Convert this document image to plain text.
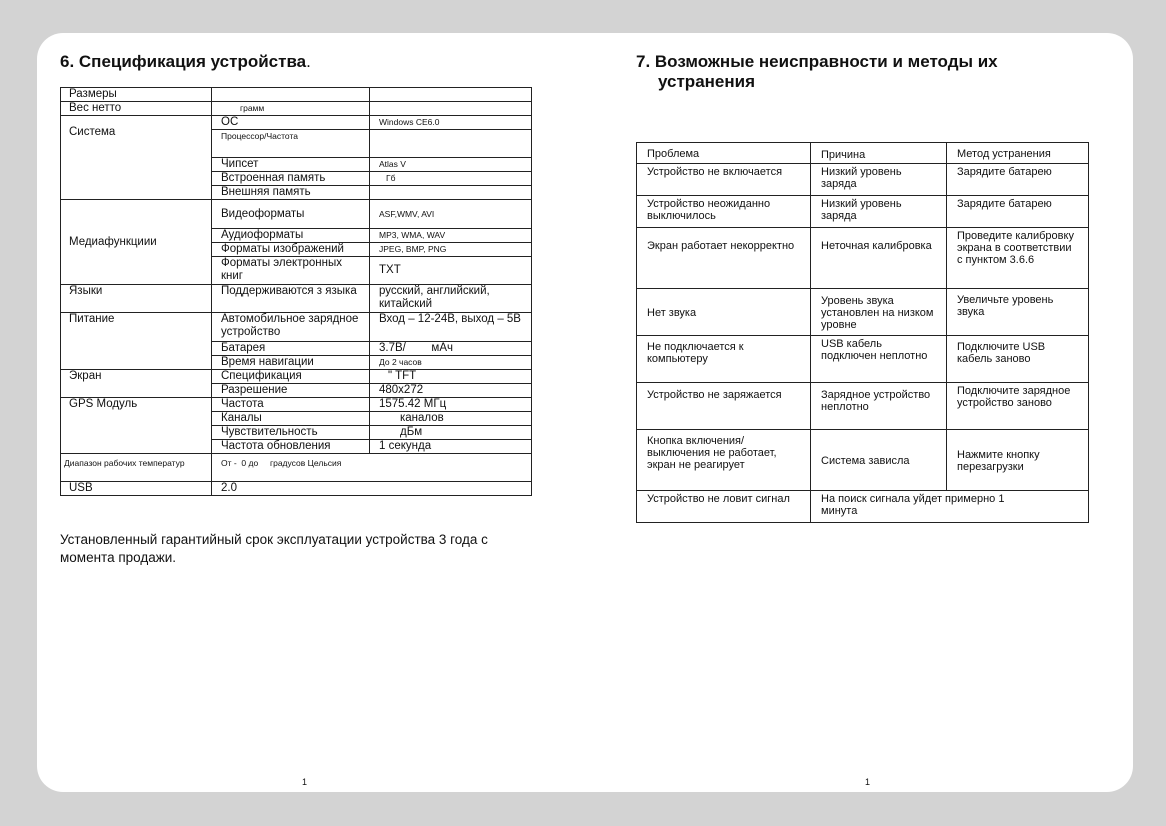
6. Спецификация устройства.
Размеры		
Вес нетто	грамм	
Система	ОС	Windows CE6.0
	Процессор/Частота	
	Чипсет	Atlas V
	Встроенная память	Гб
	Внешняя память	
Медиафункциии	Видеоформаты	ASF,WMV, AVI
	Аудиоформаты	MP3, WMA, WAV
	Форматы изображений	JPEG, BMP, PNG
	Форматы электронных книг	TXT
Языки	Поддерживаются з языка	русский, английский, китайский
Питание	Автомобильное зарядное устройство	Вход – 12-24В, выход – 5В
	Батарея	3.7В/        мАч
	Время навигации	До 2 часов
Экран	Спецификация	" TFT
	Разрешение	480x272
GPS Модуль	Частота	1575.42 МГц
	Каналы	каналов
	Чувствительность	дБм
	Частота обновления	1 секунда
Диапазон рабочих температур	От -  0 до     градусов Цельсия	
USB	2.0	
Установленный гарантийный срок эксплуатации устройства 3 года с момента продажи.
1
7. Возможные неисправности и методы их
устранения
Проблема	Причина	Метод устранения
Устройство не включается	Низкий уровень заряда	Зарядите батарею
Устройство неожиданно выключилось	Низкий уровень заряда	Зарядите батарею
Экран работает некорректно	Неточная калибровка	Проведите калибровку экрана в соответствии с пунктом 3.6.6
Нет звука	Уровень звука установлен на низком уровне	Увеличьте уровень звука
Не подключается к компьютеру	USB кабель подключен неплотно	Подключите USB кабель заново
Устройство не заряжается	Зарядное устройство неплотно	Подключите зарядное устройство заново
Кнопка включения/выключения не работает, экран не реагирует	Система зависла	Нажмите кнопку перезагрузки
Устройство не ловит сигнал	На поиск сигнала уйдет примерно 1 минута	
1
